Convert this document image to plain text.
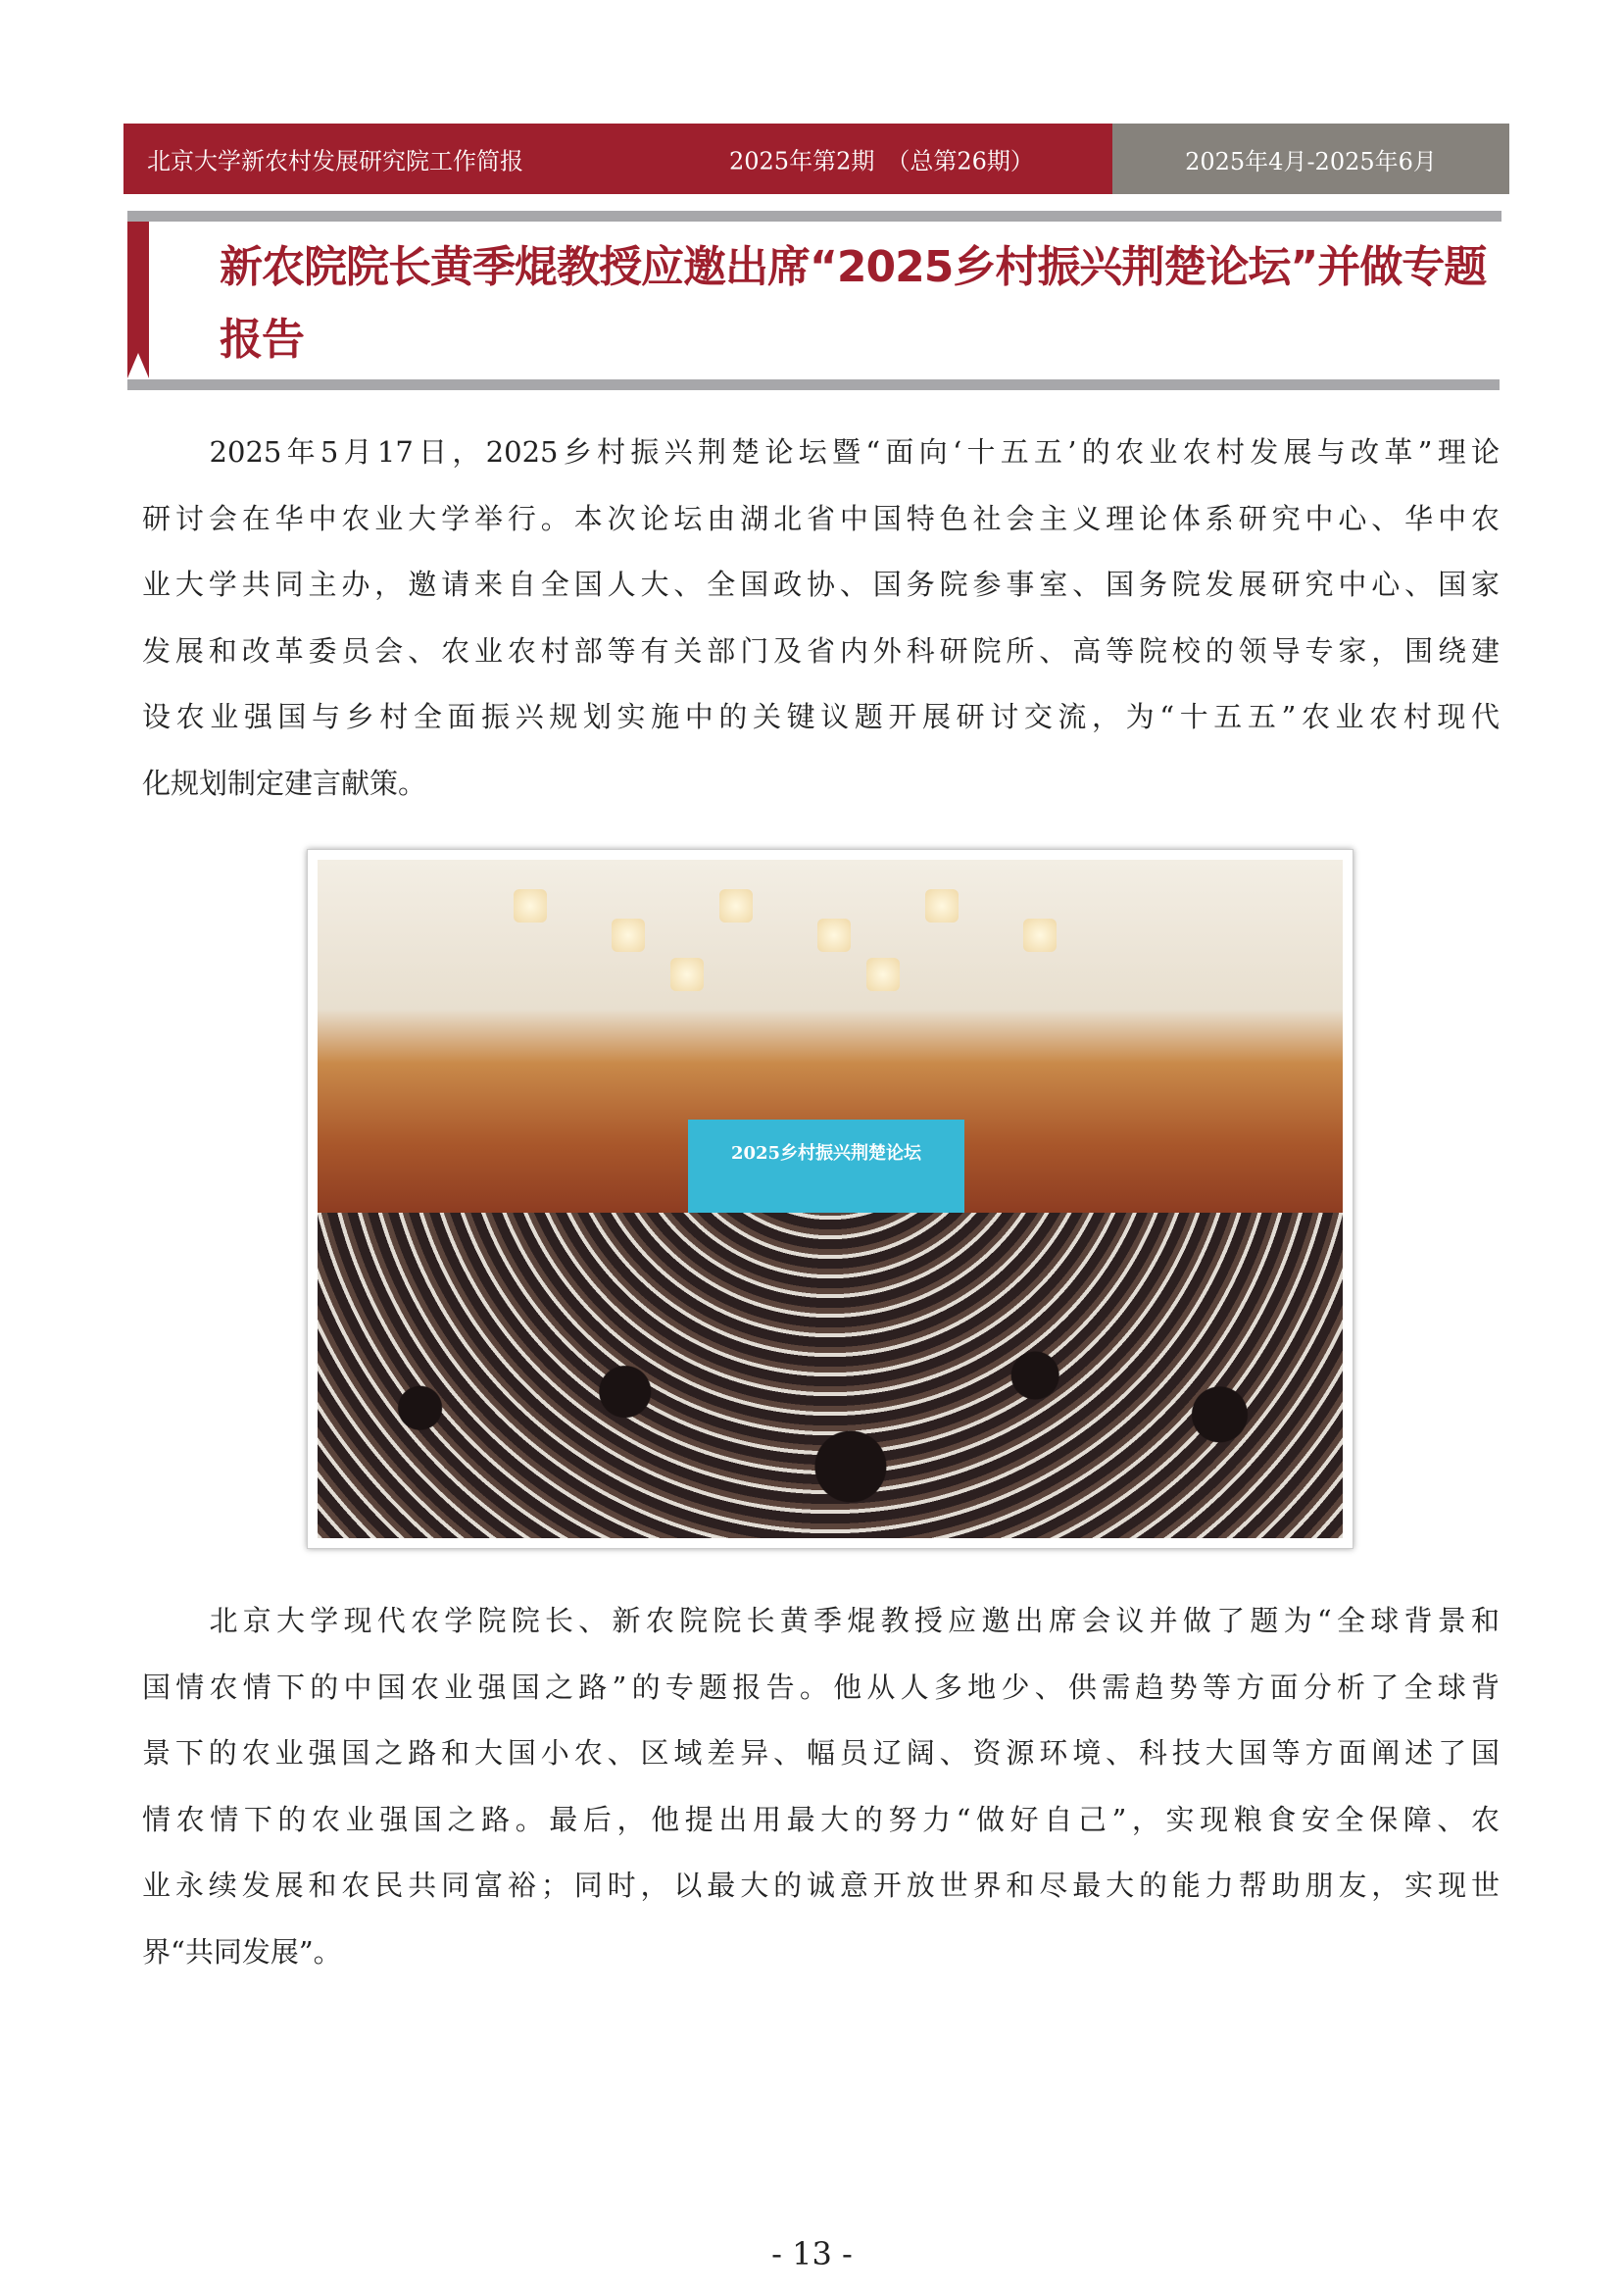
北京大学新农村发展研究院工作简报	2025年第2期　（总第26期）	2025年4月-2025年6月
新农院院长黄季焜教授应邀出席“2025乡村振兴荆楚论坛”并做专题
报告
　　2025年5月17日，2025乡村振兴荆楚论坛暨“面向‘十五五’的农业农村发展与改革”理论
研讨会在华中农业大学举行。本次论坛由湖北省中国特色社会主义理论体系研究中心、华中农
业大学共同主办，邀请来自全国人大、全国政协、国务院参事室、国务院发展研究中心、国家
发展和改革委员会、农业农村部等有关部门及省内外科研院所、高等院校的领导专家，围绕建
设农业强国与乡村全面振兴规划实施中的关键议题开展研讨交流，为“十五五”农业农村现代
化规划制定建言献策。
2025乡村振兴荆楚论坛
　　北京大学现代农学院院长、新农院院长黄季焜教授应邀出席会议并做了题为“全球背景和
国情农情下的中国农业强国之路”的专题报告。他从人多地少、供需趋势等方面分析了全球背
景下的农业强国之路和大国小农、区域差异、幅员辽阔、资源环境、科技大国等方面阐述了国
情农情下的农业强国之路。最后，他提出用最大的努力“做好自己”，实现粮食安全保障、农
业永续发展和农民共同富裕；同时，以最大的诚意开放世界和尽最大的能力帮助朋友，实现世
界“共同发展”。
- 13 -
